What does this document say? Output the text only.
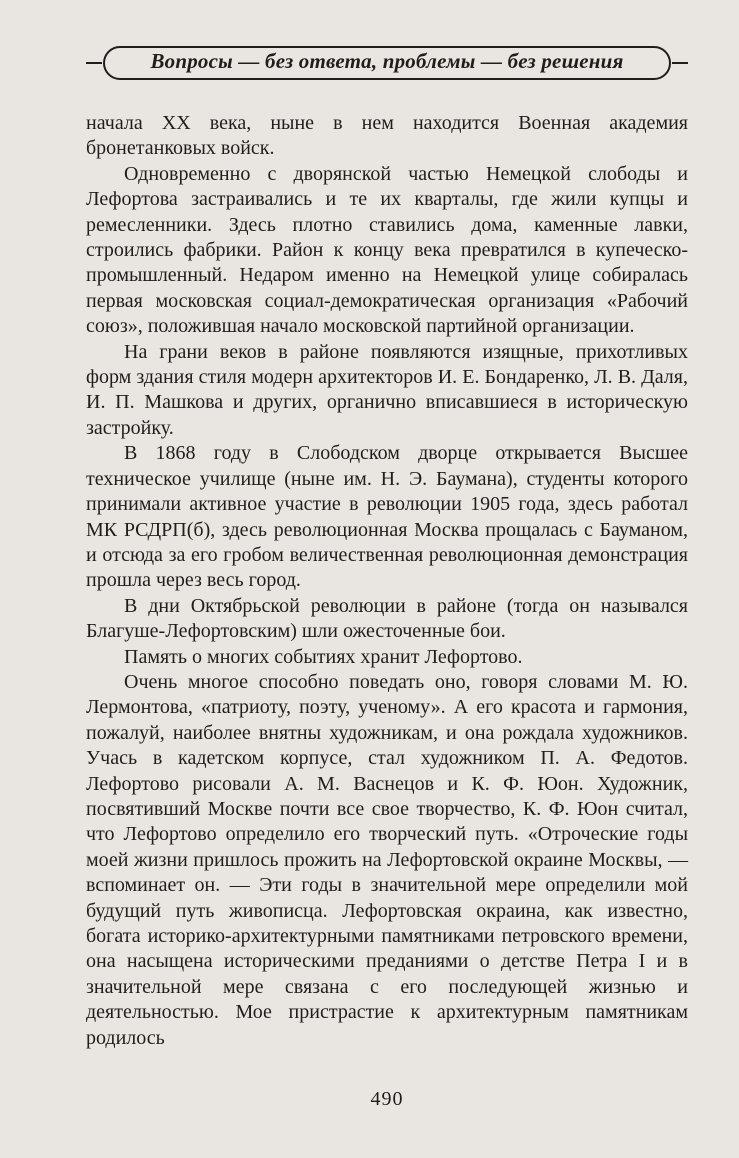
Вопросы — без ответа, проблемы — без решения

начала XX века, ныне в нем находится Военная академия бронетанковых войск.

Одновременно с дворянской частью Немецкой слободы и Лефортова застраивались и те их кварталы, где жили купцы и ремесленники. Здесь плотно ставились дома, каменные лавки, строились фабрики. Район к концу века превратился в купеческо-промышленный. Недаром именно на Немецкой улице собиралась первая московская социал-демократическая организация «Рабочий союз», положившая начало московской партийной организации.

На грани веков в районе появляются изящные, прихотливых форм здания стиля модерн архитекторов И. Е. Бондаренко, Л. В. Даля, И. П. Машкова и других, органично вписавшиеся в историческую застройку.

В 1868 году в Слободском дворце открывается Высшее техническое училище (ныне им. Н. Э. Баумана), студенты которого принимали активное участие в революции 1905 года, здесь работал МК РСДРП(б), здесь революционная Москва прощалась с Бауманом, и отсюда за его гробом величественная революционная демонстрация прошла через весь город.

В дни Октябрьской революции в районе (тогда он назывался Благуше-Лефортовским) шли ожесточенные бои.

Память о многих событиях хранит Лефортово.

Очень многое способно поведать оно, говоря словами М. Ю. Лермонтова, «патриоту, поэту, ученому». А его красота и гармония, пожалуй, наиболее внятны художникам, и она рождала художников. Учась в кадетском корпусе, стал художником П. А. Федотов. Лефортово рисовали А. М. Васнецов и К. Ф. Юон. Художник, посвятивший Москве почти все свое творчество, К. Ф. Юон считал, что Лефортово определило его творческий путь. «Отроческие годы моей жизни пришлось прожить на Лефортовской окраине Москвы, — вспоминает он. — Эти годы в значительной мере определили мой будущий путь живописца. Лефортовская окраина, как известно, богата историко-архитектурными памятниками петровского времени, она насыщена историческими преданиями о детстве Петра I и в значительной мере связана с его последующей жизнью и деятельностью. Мое пристрастие к архитектурным памятникам родилось

490
